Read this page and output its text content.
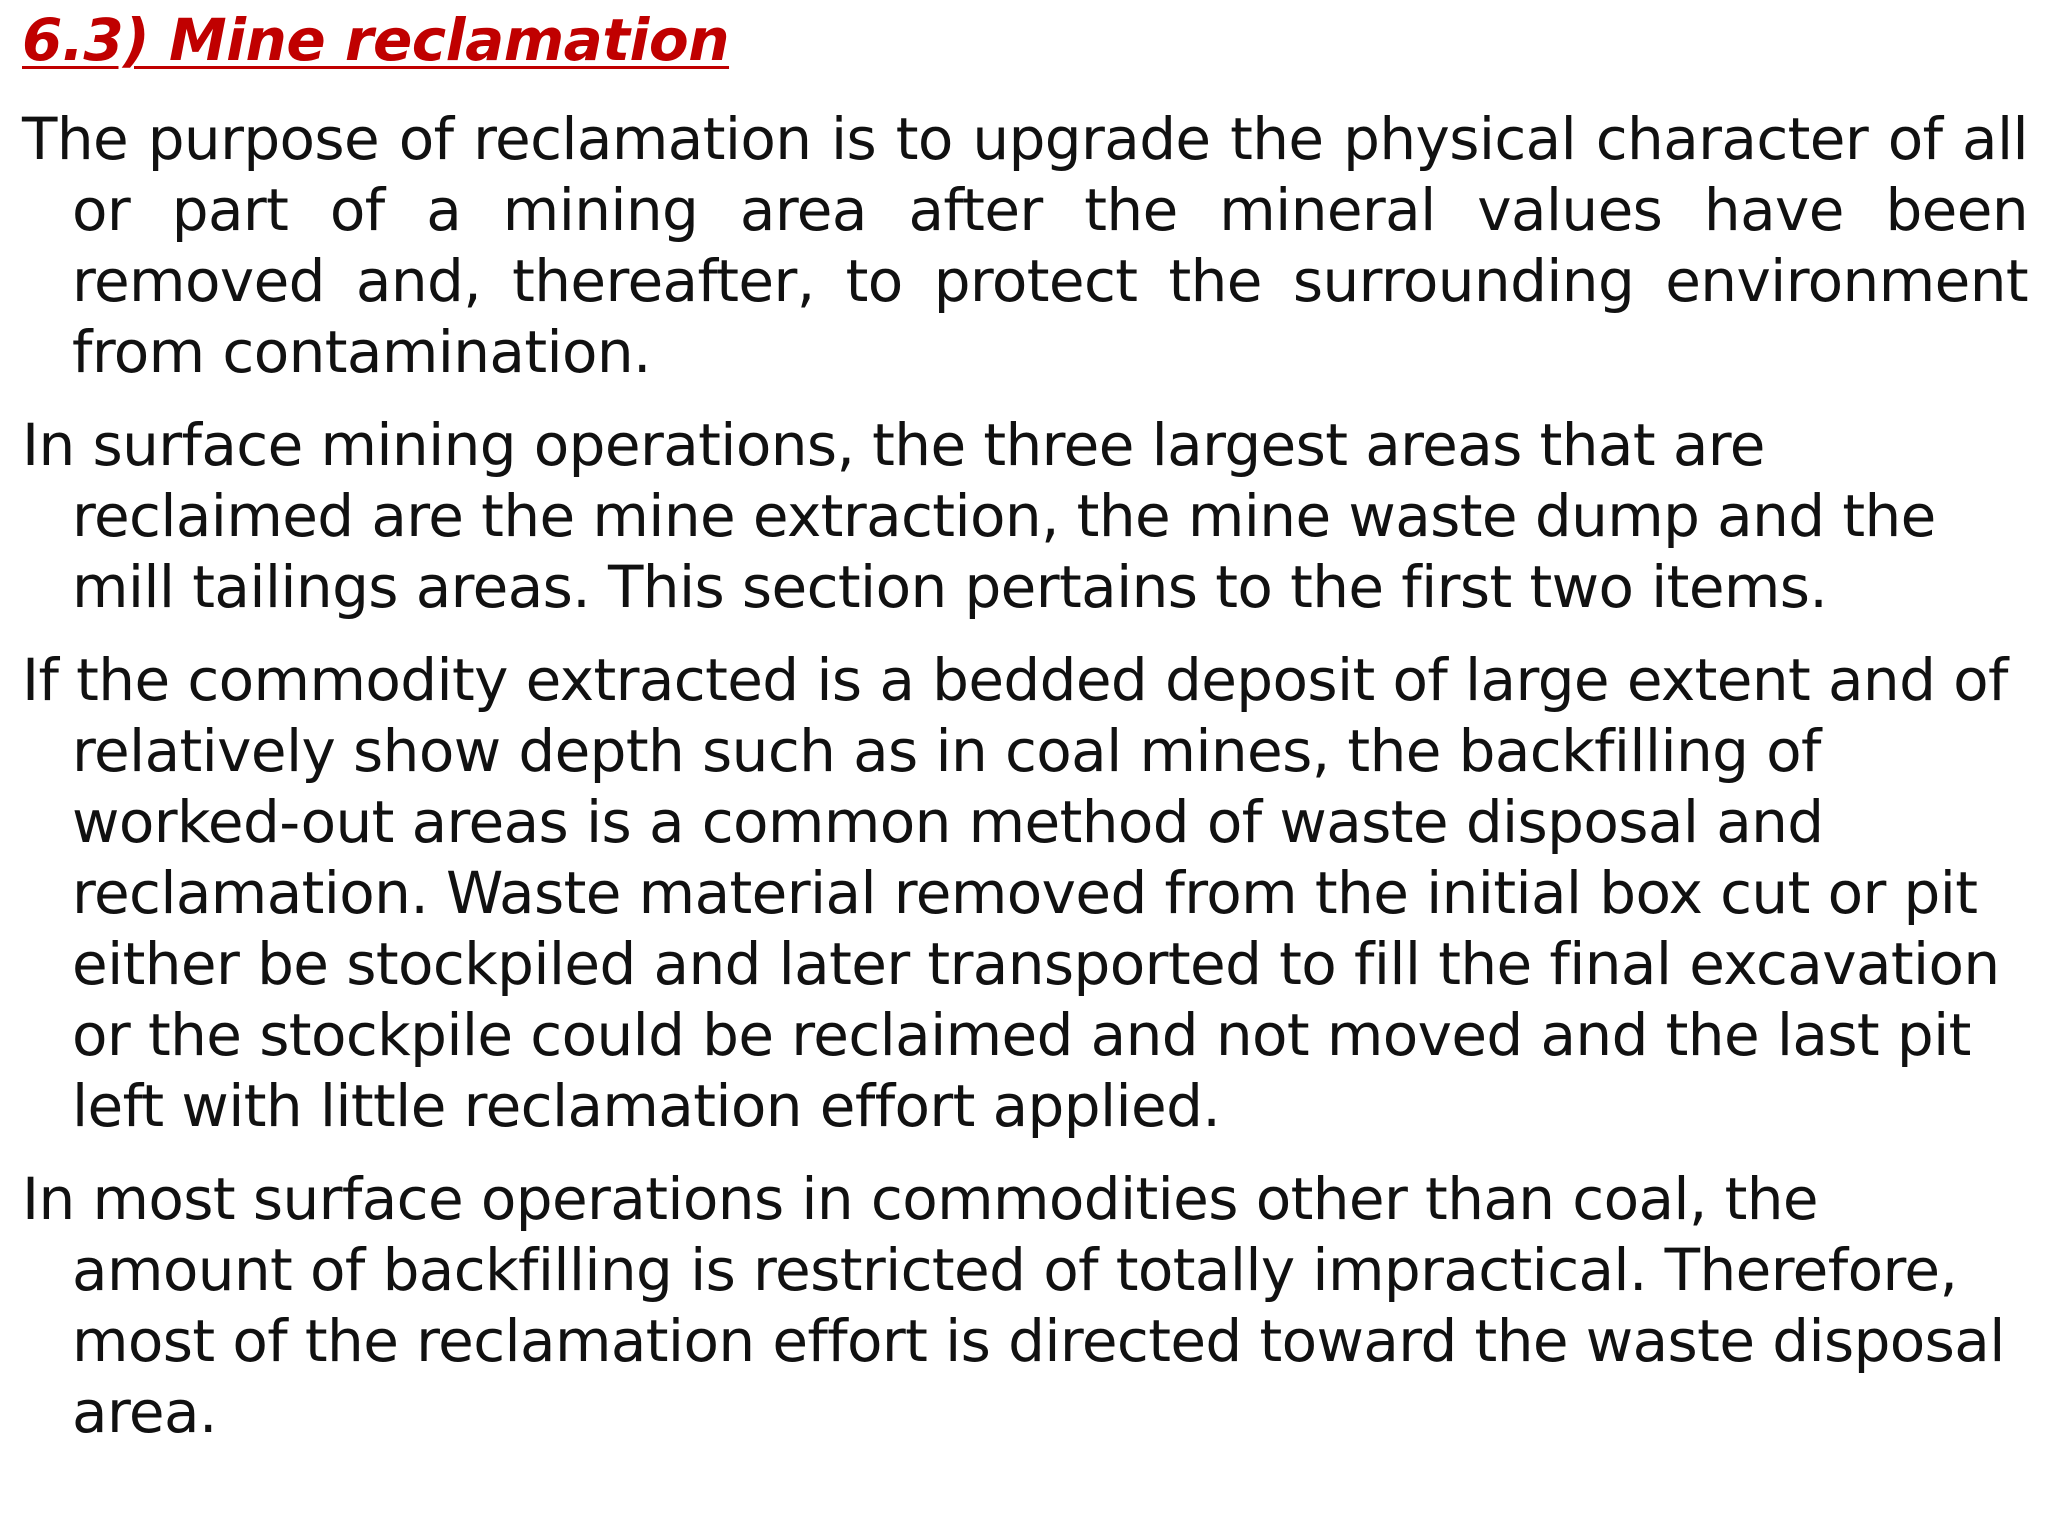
6.3) Mine reclamation

The purpose of reclamation is to upgrade the physical character of all or part of a mining area after the mineral values have been removed and, thereafter, to protect the surrounding environment from contamination.

In surface mining operations, the three largest areas that are reclaimed are the mine extraction, the mine waste dump and the mill tailings areas. This section pertains to the first two items.

If the commodity extracted is a bedded deposit of large extent and of relatively show depth such as in coal mines, the backfilling of worked-out areas is a common method of waste disposal and reclamation. Waste material removed from the initial box cut or pit either be stockpiled and later transported to fill the final excavation or the stockpile could be reclaimed and not moved and the last pit left with little reclamation effort applied.

In most surface operations in commodities other than coal, the amount of backfilling is restricted of totally impractical. Therefore, most of the reclamation effort is directed toward the waste disposal area.
